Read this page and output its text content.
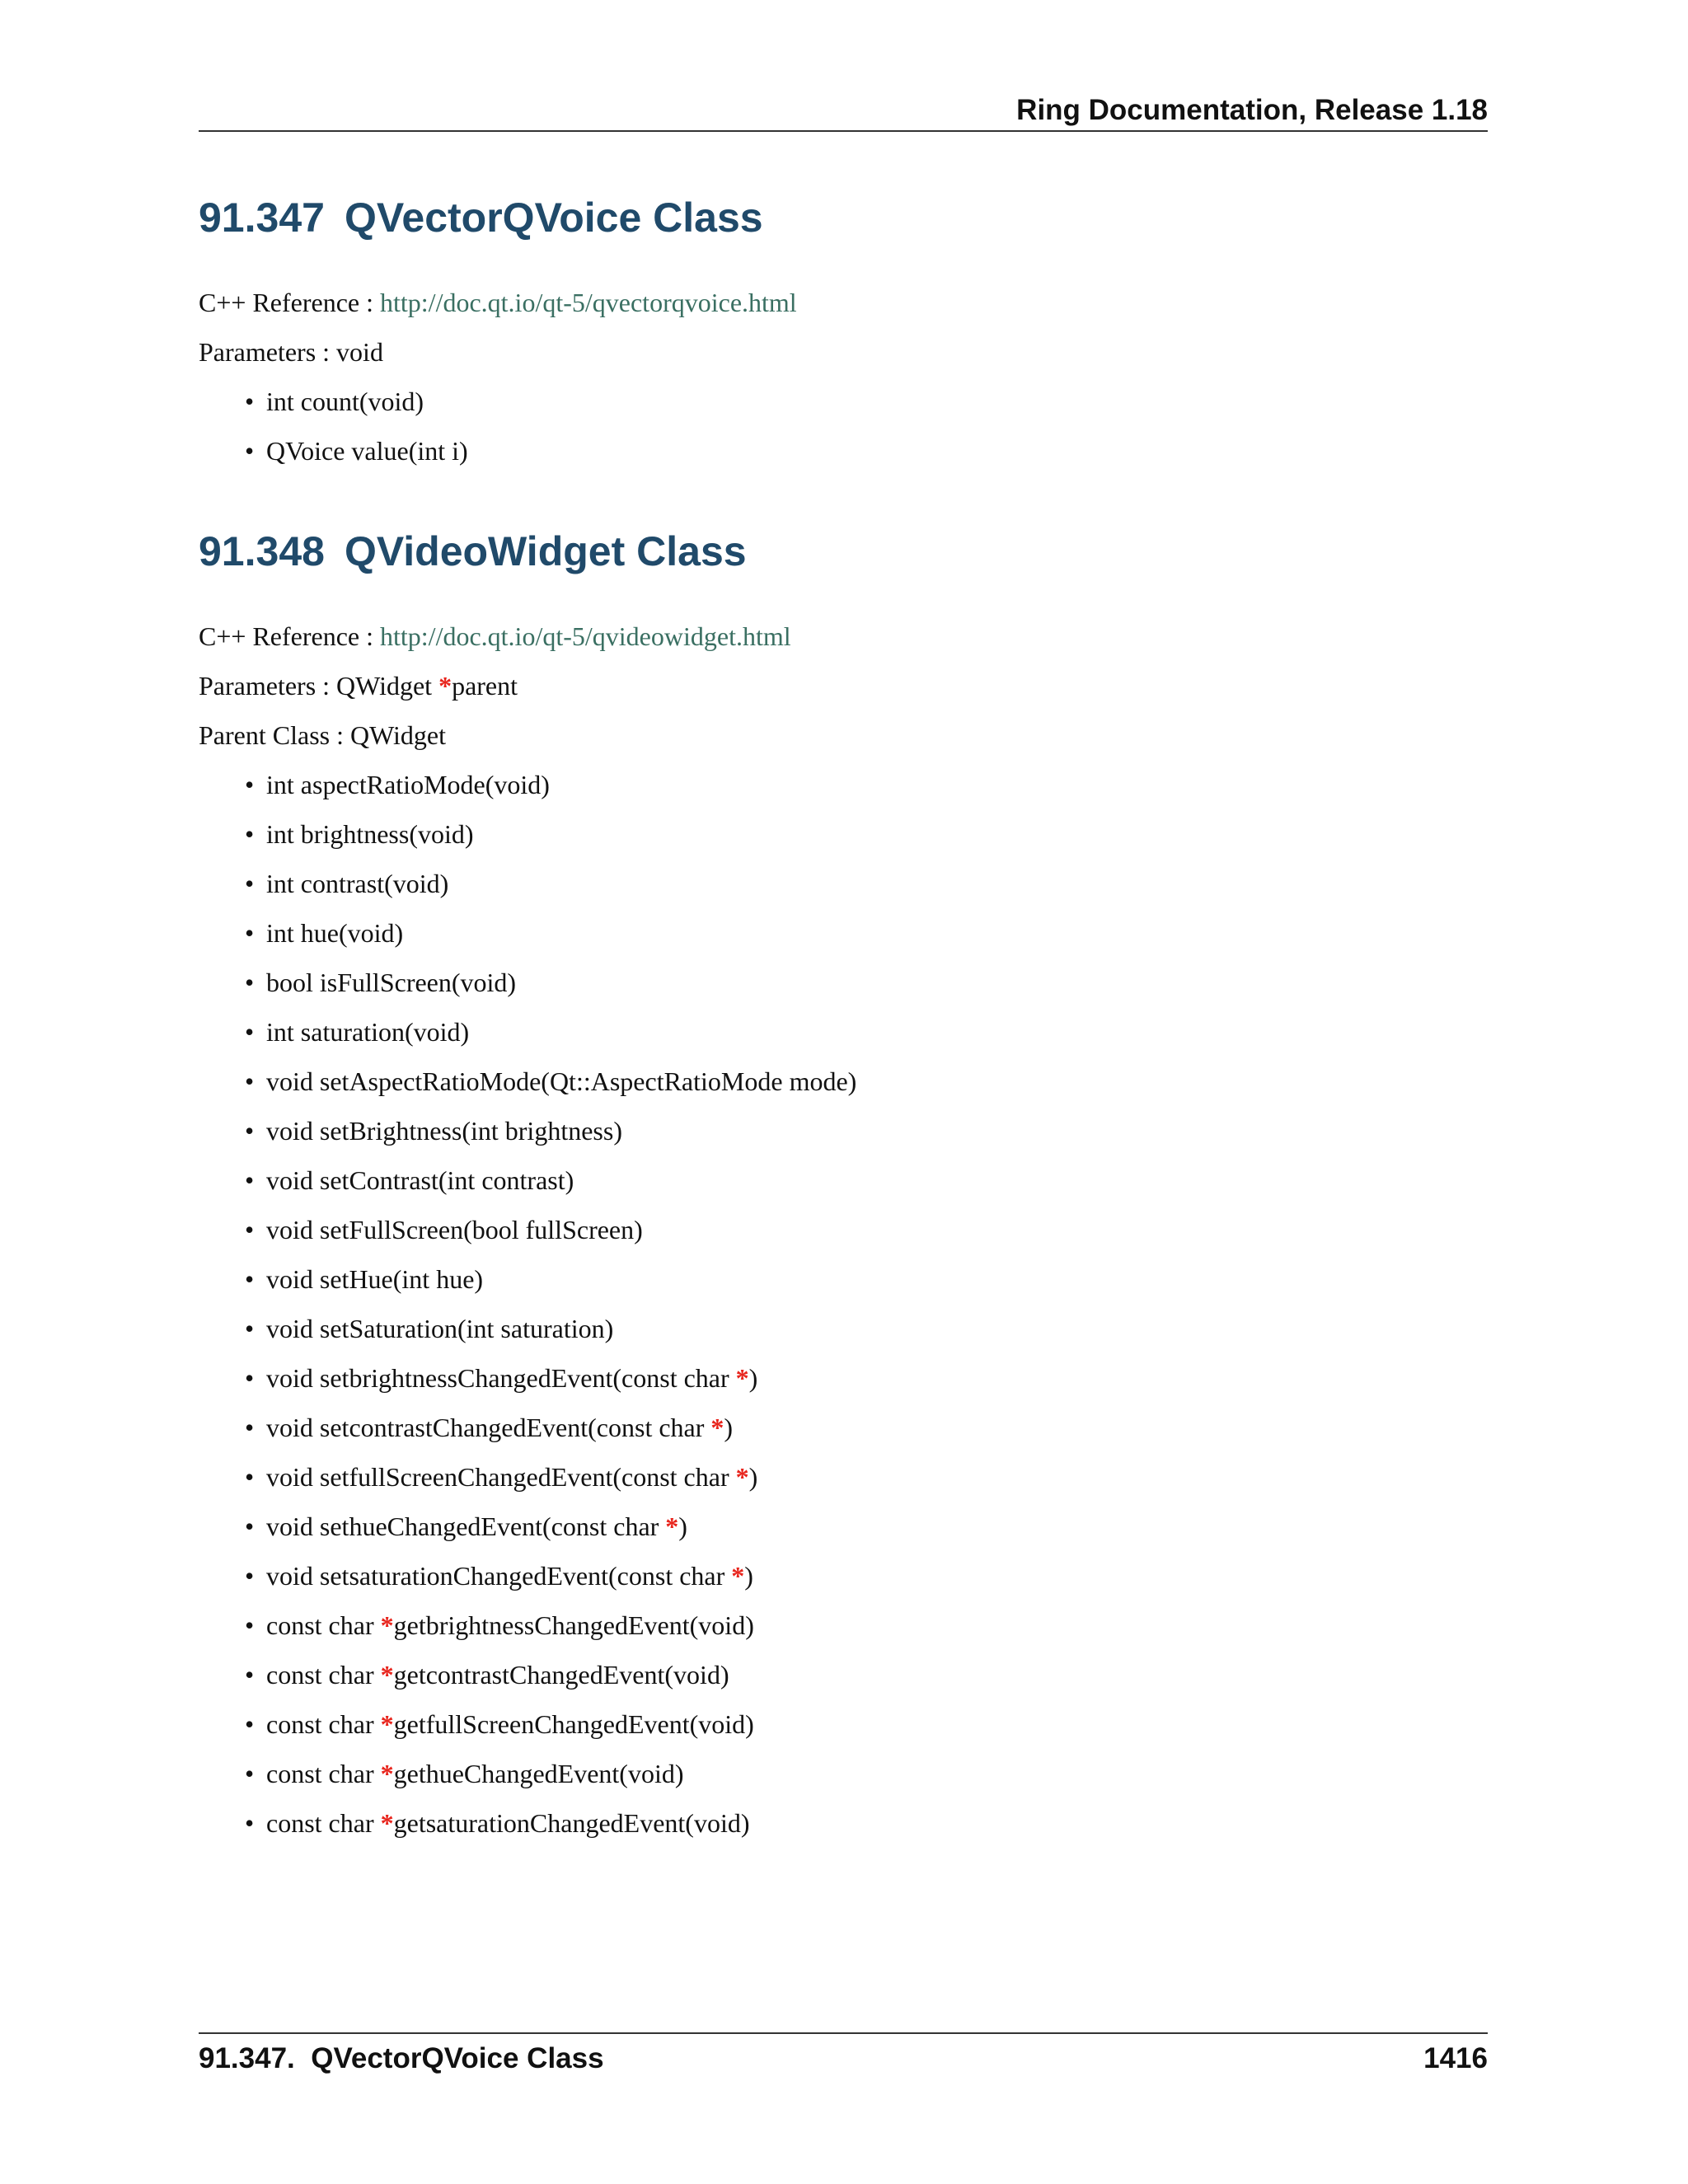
Ring Documentation, Release 1.18
91.347 QVectorQVoice Class
C++ Reference : http://doc.qt.io/qt-5/qvectorqvoice.html
Parameters : void
• int count(void)
• QVoice value(int i)
91.348 QVideoWidget Class
C++ Reference : http://doc.qt.io/qt-5/qvideowidget.html
Parameters : QWidget *parent
Parent Class : QWidget
• int aspectRatioMode(void)
• int brightness(void)
• int contrast(void)
• int hue(void)
• bool isFullScreen(void)
• int saturation(void)
• void setAspectRatioMode(Qt::AspectRatioMode mode)
• void setBrightness(int brightness)
• void setContrast(int contrast)
• void setFullScreen(bool fullScreen)
• void setHue(int hue)
• void setSaturation(int saturation)
• void setbrightnessChangedEvent(const char *)
• void setcontrastChangedEvent(const char *)
• void setfullScreenChangedEvent(const char *)
• void sethueChangedEvent(const char *)
• void setsaturationChangedEvent(const char *)
• const char *getbrightnessChangedEvent(void)
• const char *getcontrastChangedEvent(void)
• const char *getfullScreenChangedEvent(void)
• const char *gethueChangedEvent(void)
• const char *getsaturationChangedEvent(void)
91.347.  QVectorQVoice Class	1416
